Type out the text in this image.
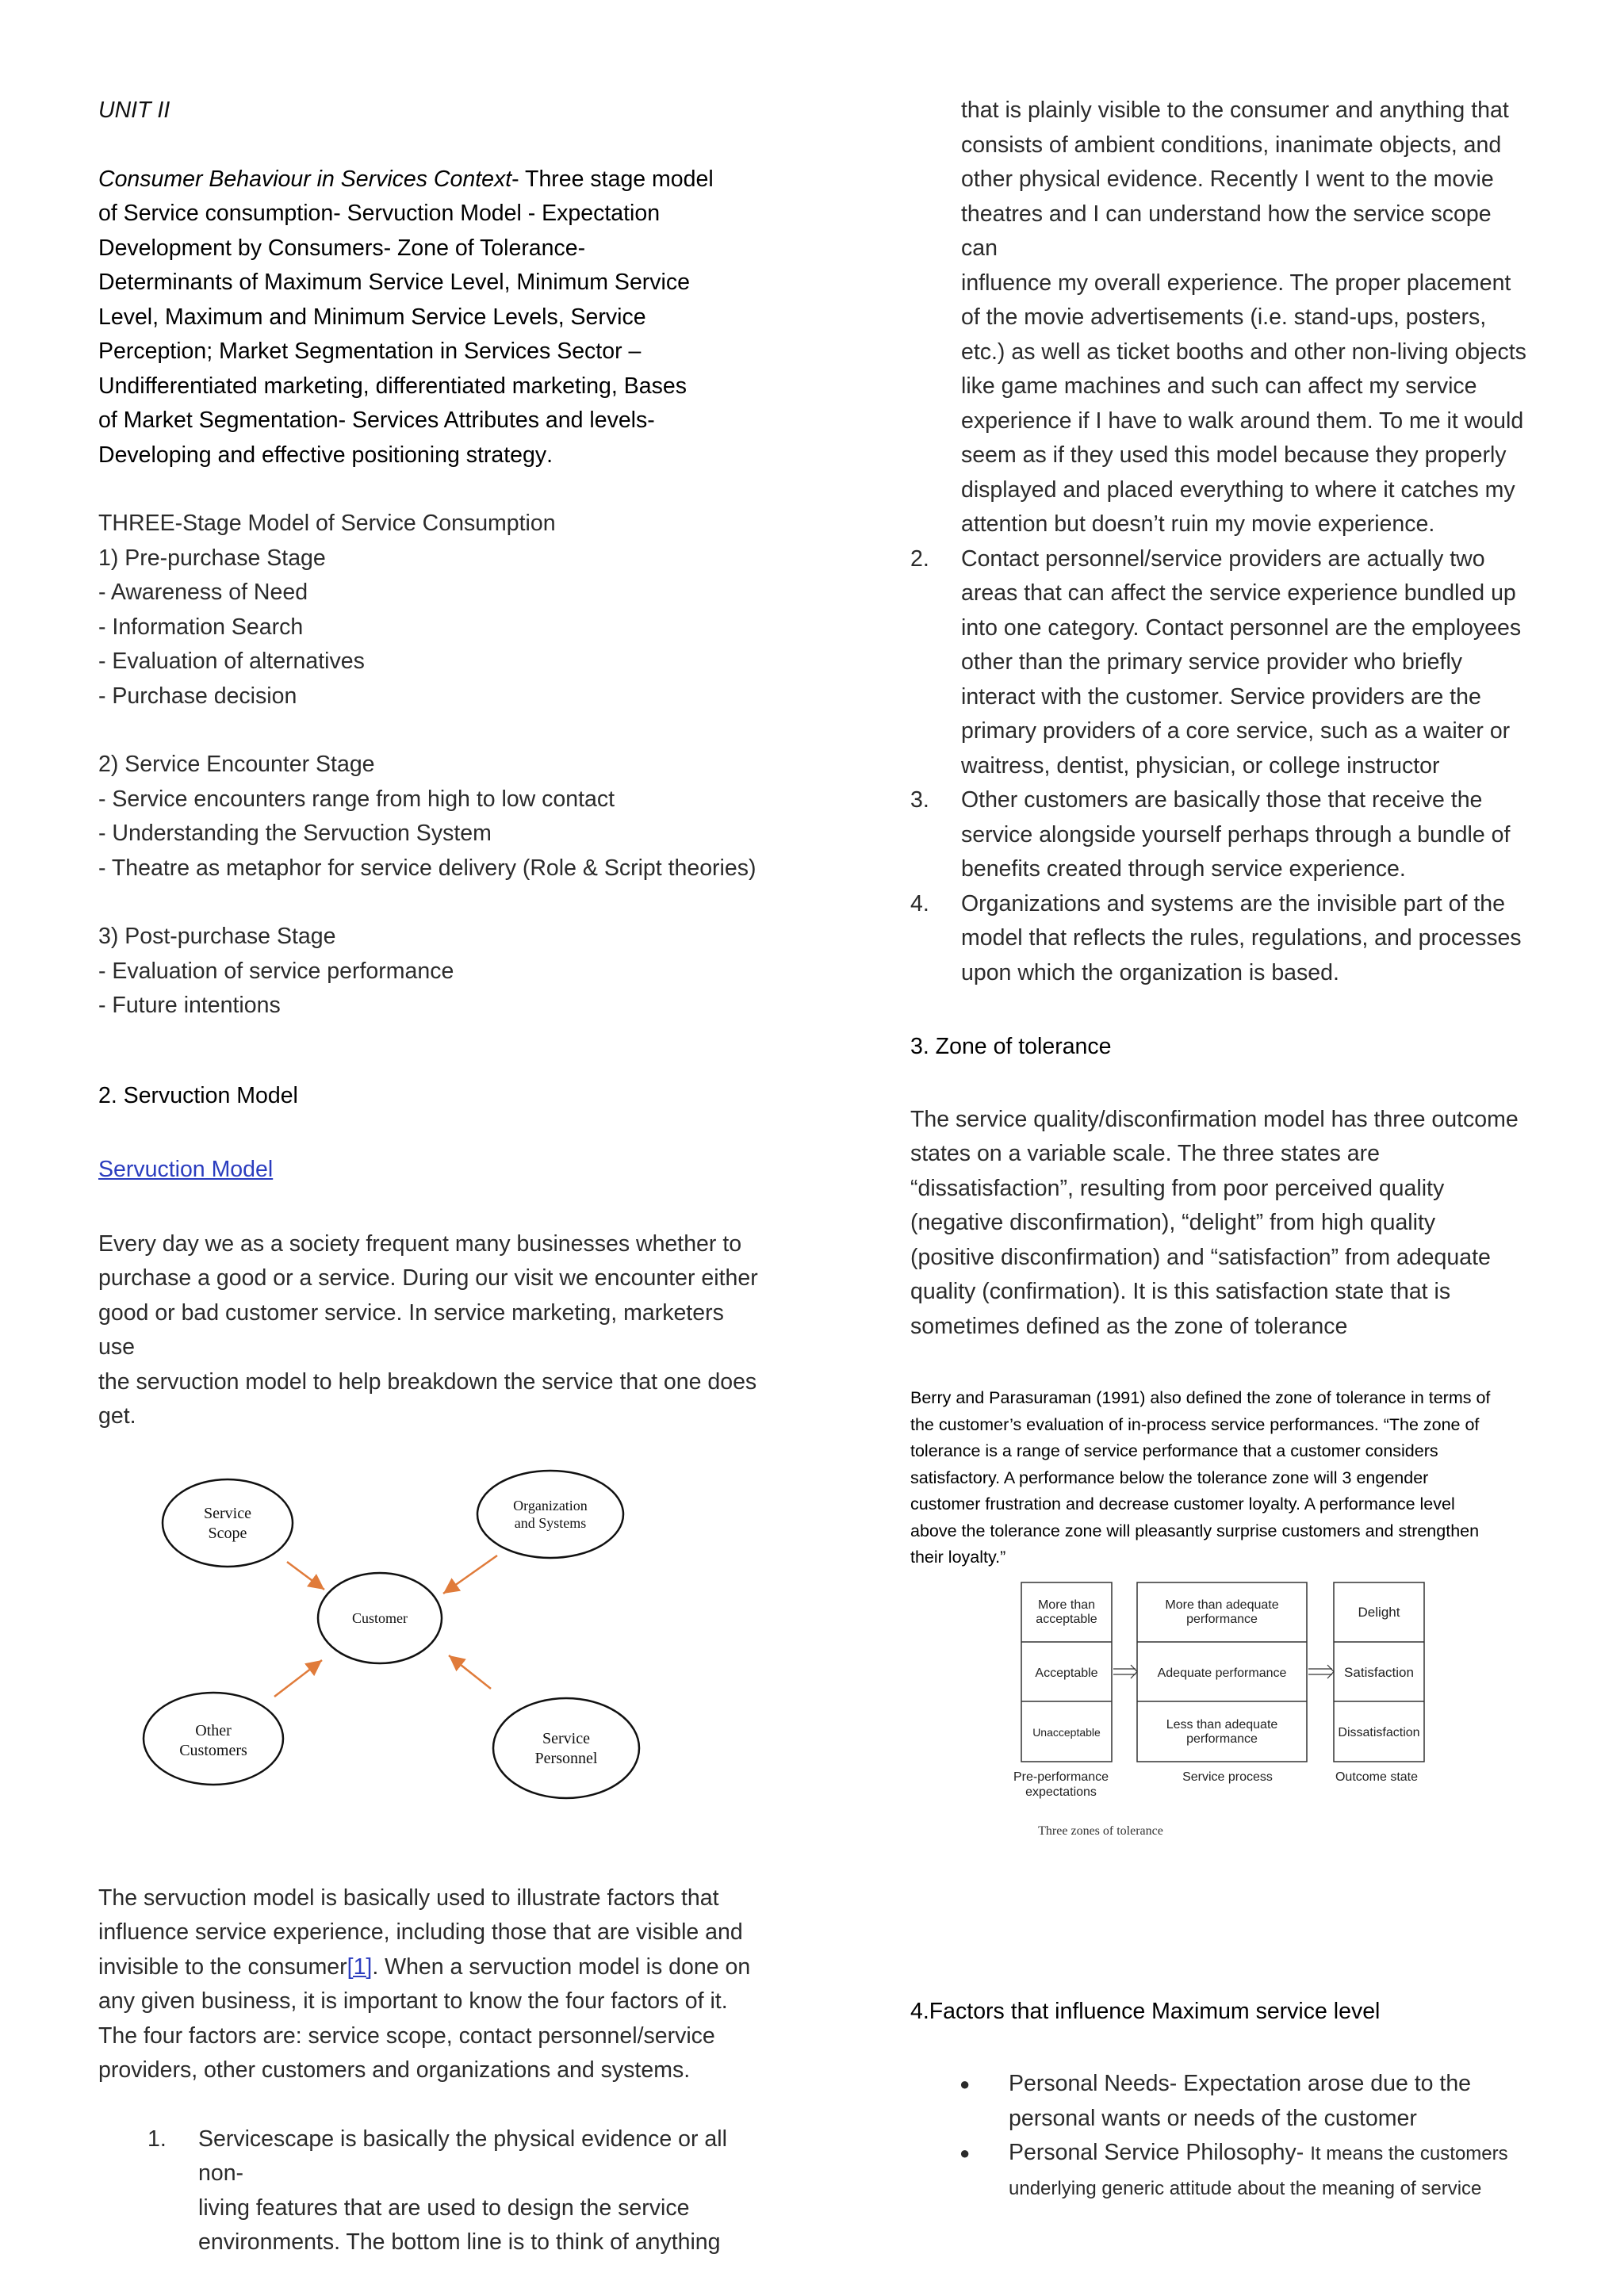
UNIT II

Consumer Behaviour in Services Context- Three stage model
of Service consumption- Servuction Model - Expectation
Development by Consumers- Zone of Tolerance-
Determinants of Maximum Service Level, Minimum Service
Level, Maximum and Minimum Service Levels, Service
Perception; Market Segmentation in Services Sector –
Undifferentiated marketing, differentiated marketing, Bases
of Market Segmentation- Services Attributes and levels-
Developing and effective positioning strategy.
THREE-Stage Model of Service Consumption
1) Pre-purchase Stage
- Awareness of Need
- Information Search
- Evaluation of alternatives
- Purchase decision
2) Service Encounter Stage
- Service encounters range from high to low contact
- Understanding the Servuction System
- Theatre as metaphor for service delivery (Role & Script theories)
3) Post-purchase Stage
- Evaluation of service performance
- Future intentions

2. Servuction Model

Servuction Model

Every day we as a society frequent many businesses whether to
purchase a good or a service. During our visit we encounter either
good or bad customer service. In service marketing, marketers use
the servuction model to help breakdown the service that one does
get.
Service
Scope
Organization
and Systems
Customer
Other
Customers
Service
Personnel
The servuction model is basically used to illustrate factors that
influence service experience, including those that are visible and
invisible to the consumer[1]. When a servuction model is done on
any given business, it is important to know the four factors of it.
The four factors are: service scope, contact personnel/service
providers, other customers and organizations and systems.
1. Servicescape is basically the physical evidence or all non-
living features that are used to design the service
environments. The bottom line is to think of anything
that is plainly visible to the consumer and anything that
consists of ambient conditions, inanimate objects, and
other physical evidence. Recently I went to the movie
theatres and I can understand how the service scope can
influence my overall experience. The proper placement
of the movie advertisements (i.e. stand-ups, posters,
etc.) as well as ticket booths and other non-living objects
like game machines and such can affect my service
experience if I have to walk around them. To me it would
seem as if they used this model because they properly
displayed and placed everything to where it catches my
attention but doesn’t ruin my movie experience.
2. Contact personnel/service providers are actually two
areas that can affect the service experience bundled up
into one category. Contact personnel are the employees
other than the primary service provider who briefly
interact with the customer. Service providers are the
primary providers of a core service, such as a waiter or
waitress, dentist, physician, or college instructor
3. Other customers are basically those that receive the
service alongside yourself perhaps through a bundle of
benefits created through service experience.
4. Organizations and systems are the invisible part of the
model that reflects the rules, regulations, and processes
upon which the organization is based.

3. Zone of tolerance

The service quality/disconfirmation model has three outcome
states on a variable scale. The three states are
“dissatisfaction”, resulting from poor perceived quality
(negative disconfirmation), “delight” from high quality
(positive disconfirmation) and “satisfaction” from adequate
quality (confirmation). It is this satisfaction state that is
sometimes defined as the zone of tolerance
Berry and Parasuraman (1991) also defined the zone of tolerance in terms of
the customer’s evaluation of in-process service performances. “The zone of
tolerance is a range of service performance that a customer considers
satisfactory. A performance below the tolerance zone will 3 engender
customer frustration and decrease customer loyalty. A performance level
above the tolerance zone will pleasantly surprise customers and strengthen
their loyalty.”
More than
acceptable
Acceptable
Unacceptable
More than adequate
performance
Adequate performance
Less than adequate
performance
Delight
Satisfaction
Dissatisfaction
Pre-performance
expectations
Service process	Outcome state
Three zones of tolerance

4.Factors that influence Maximum service level

● Personal Needs- Expectation arose due to the
personal wants or needs of the customer
● Personal Service Philosophy- It means the customers
underlying generic attitude about the meaning of service
